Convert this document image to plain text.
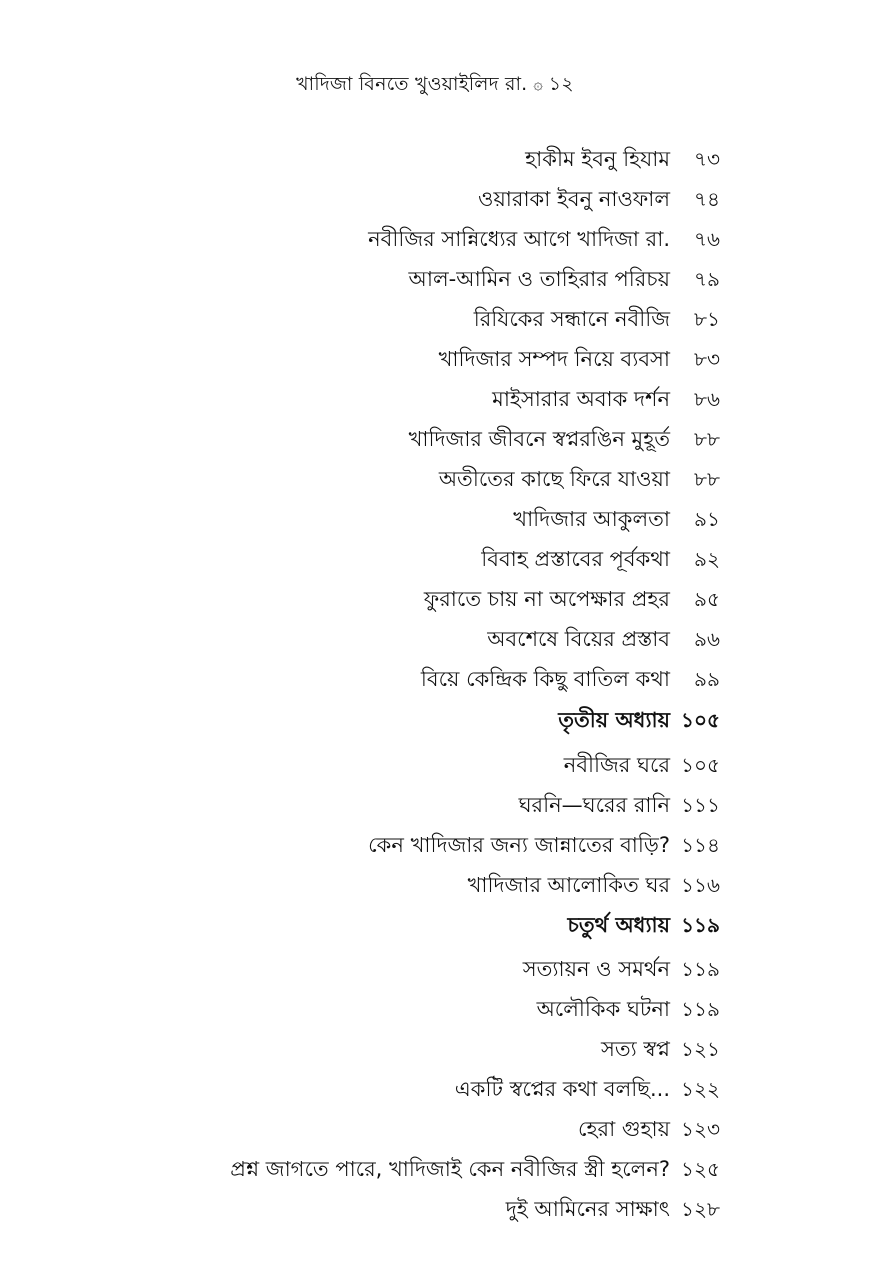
খাদিজা বিনতে খুওয়াইলিদ রা. ۞ ১২
হাকীম ইবনু হিযাম ৭৩
ওয়ারাকা ইবনু নাওফাল ৭৪
নবীজির সান্নিধ্যের আগে খাদিজা রা. ৭৬
আল-আমিন ও তাহিরার পরিচয় ৭৯
রিযিকের সন্ধানে নবীজি ৮১
খাদিজার সম্পদ নিয়ে ব্যবসা ৮৩
মাইসারার অবাক দর্শন ৮৬
খাদিজার জীবনে স্বপ্নরঙিন মুহূর্ত ৮৮
অতীতের কাছে ফিরে যাওয়া ৮৮
খাদিজার আকুলতা ৯১
বিবাহ প্রস্তাবের পূর্বকথা ৯২
ফুরাতে চায় না অপেক্ষার প্রহর ৯৫
অবশেষে বিয়ের প্রস্তাব ৯৬
বিয়ে কেন্দ্রিক কিছু বাতিল কথা ৯৯
তৃতীয় অধ্যায় ১০৫
নবীজির ঘরে ১০৫
ঘরনি—ঘরের রানি ১১১
কেন খাদিজার জন্য জান্নাতের বাড়ি? ১১৪
খাদিজার আলোকিত ঘর ১১৬
চতুর্থ অধ্যায় ১১৯
সত্যায়ন ও সমর্থন ১১৯
অলৌকিক ঘটনা ১১৯
সত্য স্বপ্ন ১২১
একটি স্বপ্নের কথা বলছি... ১২২
হেরা গুহায় ১২৩
প্রশ্ন জাগতে পারে, খাদিজাই কেন নবীজির স্ত্রী হলেন? ১২৫
দুই আমিনের সাক্ষাৎ ১২৮
